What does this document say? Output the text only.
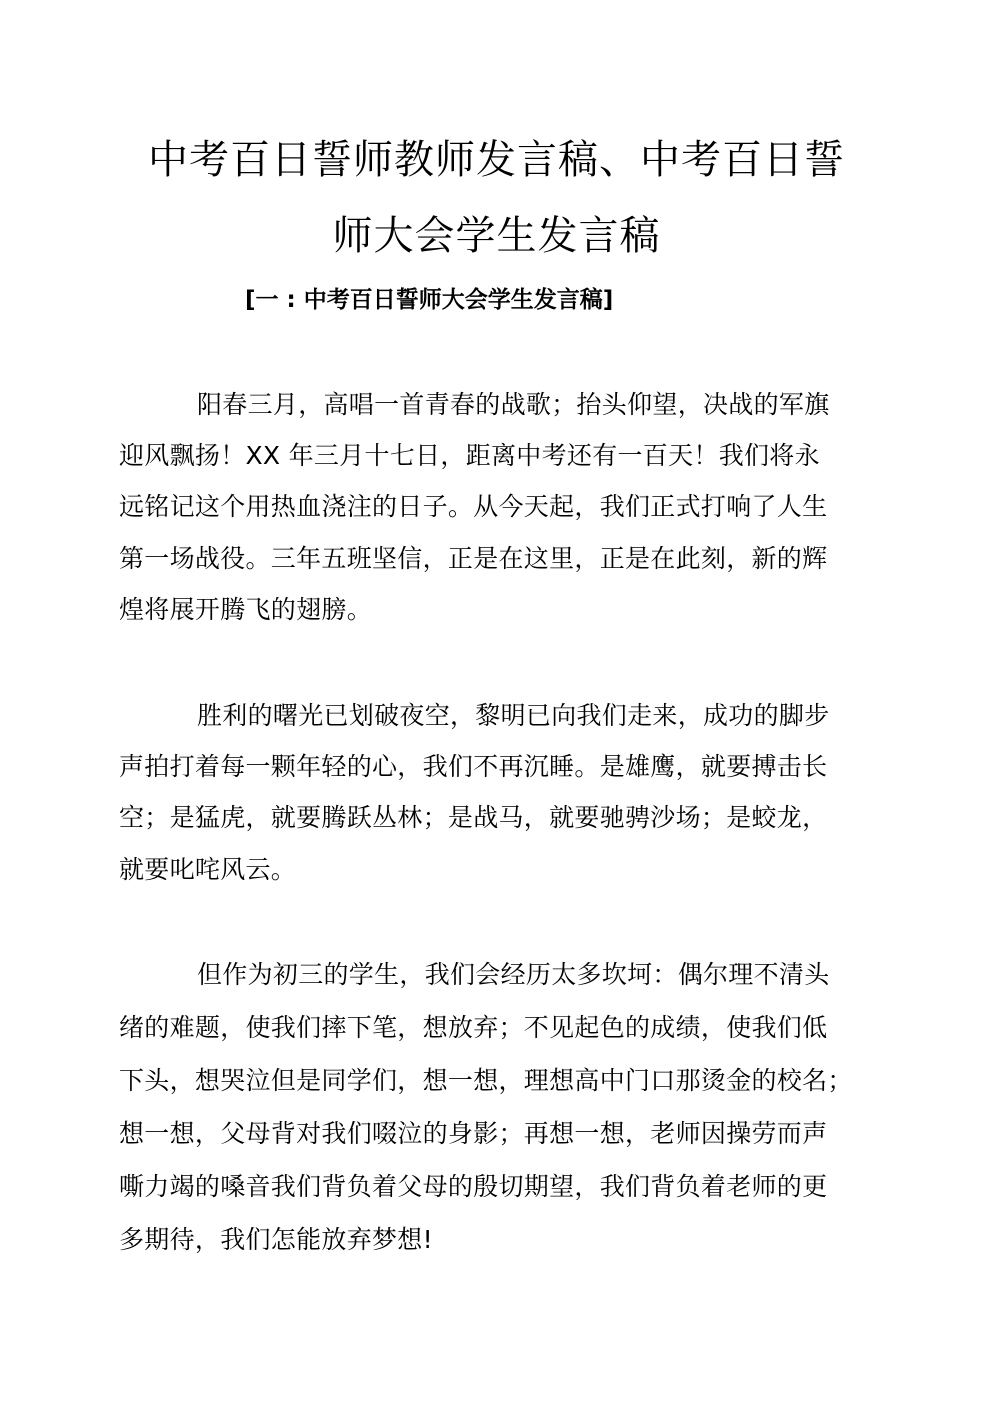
中考百日誓师教师发言稿、中考百日誓
师大会学生发言稿
[一 : 中考百日誓师大会学生发言稿]
阳春三月，高唱一首青春的战歌；抬头仰望，决战的军旗
迎风飘扬！XX 年三月十七日，距离中考还有一百天！我们将永
远铭记这个用热血浇注的日子。从今天起，我们正式打响了人生
第一场战役。三年五班坚信，正是在这里，正是在此刻，新的辉
煌将展开腾飞的翅膀。
胜利的曙光已划破夜空，黎明已向我们走来，成功的脚步
声拍打着每一颗年轻的心，我们不再沉睡。是雄鹰，就要搏击长
空；是猛虎，就要腾跃丛林；是战马，就要驰骋沙场；是蛟龙，
就要叱咤风云。
但作为初三的学生，我们会经历太多坎坷：偶尔理不清头
绪的难题，使我们摔下笔，想放弃；不见起色的成绩，使我们低
下头，想哭泣但是同学们，想一想，理想高中门口那烫金的校名；
想一想，父母背对我们啜泣的身影；再想一想，老师因操劳而声
嘶力竭的嗓音我们背负着父母的殷切期望，我们背负着老师的更
多期待，我们怎能放弃梦想!
